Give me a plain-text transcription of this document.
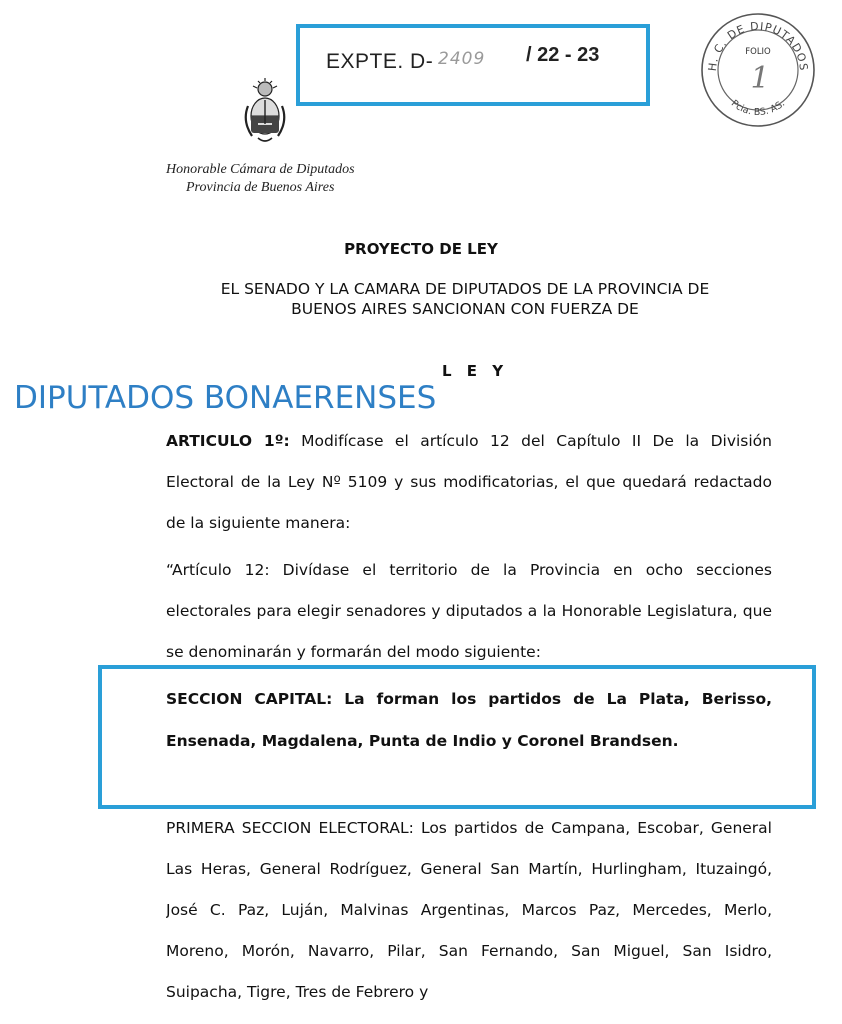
EXPTE. D- 2409 / 22 - 23
H. C. DE DIPUTADOS
FOLIO
1
Pcia. BS. AS.
Honorable Cámara de Diputados
Provincia de Buenos Aires
PROYECTO DE LEY
EL SENADO Y LA CAMARA DE DIPUTADOS DE LA PROVINCIA DE
BUENOS AIRES SANCIONAN CON FUERZA DE
L E Y
DIPUTADOS BONAERENSES
ARTICULO 1º: Modifícase el artículo 12 del Capítulo II De la División Electoral de la Ley Nº 5109 y sus modificatorias, el que quedará redactado de la siguiente manera:
“Artículo 12: Divídase el territorio de la Provincia en ocho secciones electorales para elegir senadores y diputados a la Honorable Legislatura, que se denominarán y formarán del modo siguiente:
SECCION CAPITAL: La forman los partidos de La Plata, Berisso, Ensenada, Magdalena, Punta de Indio y Coronel Brandsen.
PRIMERA SECCION ELECTORAL: Los partidos de Campana, Escobar, General Las Heras, General Rodríguez, General San Martín, Hurlingham, Ituzaingó, José C. Paz, Luján, Malvinas Argentinas, Marcos Paz, Mercedes, Merlo, Moreno, Morón, Navarro, Pilar, San Fernando, San Miguel, San Isidro, Suipacha, Tigre, Tres de Febrero y
